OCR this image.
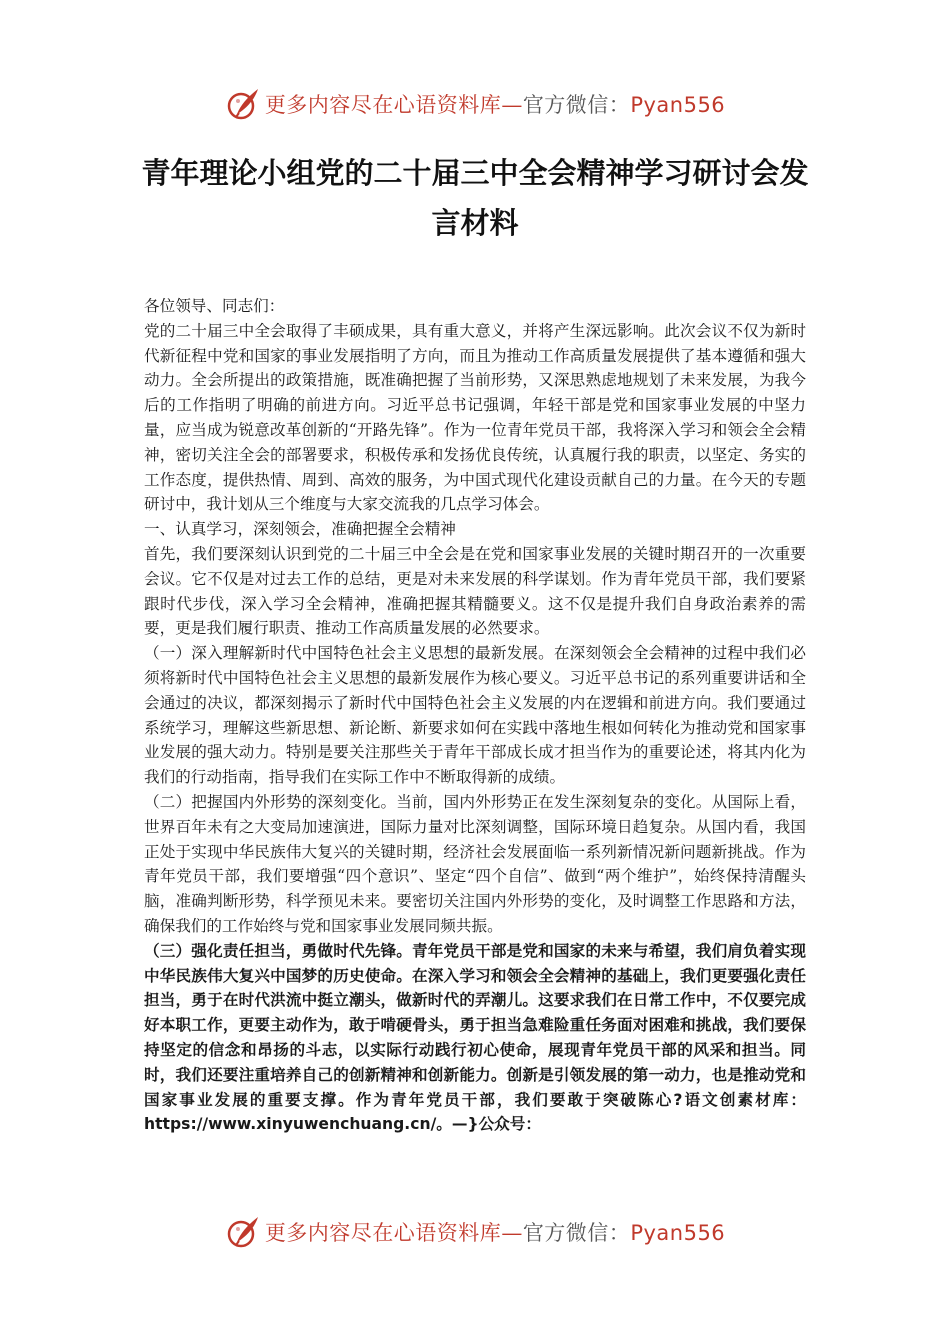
更多内容尽在心语资料库—官方微信：Pyan556
青年理论小组党的二十届三中全会精神学习研讨会发言材料

各位领导、同志们：

党的二十届三中全会取得了丰硕成果，具有重大意义，并将产生深远影响。此次会议不仅为新时代新征程中党和国家的事业发展指明了方向，而且为推动工作高质量发展提供了基本遵循和强大动力。全会所提出的政策措施，既准确把握了当前形势，又深思熟虑地规划了未来发展，为我今后的工作指明了明确的前进方向。习近平总书记强调，年轻干部是党和国家事业发展的中坚力量，应当成为锐意改革创新的“开路先锋”。作为一位青年党员干部，我将深入学习和领会全会精神，密切关注全会的部署要求，积极传承和发扬优良传统，认真履行我的职责，以坚定、务实的工作态度，提供热情、周到、高效的服务，为中国式现代化建设贡献自己的力量。在今天的专题研讨中，我计划从三个维度与大家交流我的几点学习体会。

一、认真学习，深刻领会，准确把握全会精神

首先，我们要深刻认识到党的二十届三中全会是在党和国家事业发展的关键时期召开的一次重要会议。它不仅是对过去工作的总结，更是对未来发展的科学谋划。作为青年党员干部，我们要紧跟时代步伐，深入学习全会精神，准确把握其精髓要义。这不仅是提升我们自身政治素养的需要，更是我们履行职责、推动工作高质量发展的必然要求。

（一）深入理解新时代中国特色社会主义思想的最新发展。在深刻领会全会精神的过程中我们必须将新时代中国特色社会主义思想的最新发展作为核心要义。习近平总书记的系列重要讲话和全会通过的决议，都深刻揭示了新时代中国特色社会主义发展的内在逻辑和前进方向。我们要通过系统学习，理解这些新思想、新论断、新要求如何在实践中落地生根如何转化为推动党和国家事业发展的强大动力。特别是要关注那些关于青年干部成长成才担当作为的重要论述，将其内化为我们的行动指南，指导我们在实际工作中不断取得新的成绩。

（二）把握国内外形势的深刻变化。当前，国内外形势正在发生深刻复杂的变化。从国际上看，世界百年未有之大变局加速演进，国际力量对比深刻调整，国际环境日趋复杂。从国内看，我国正处于实现中华民族伟大复兴的关键时期，经济社会发展面临一系列新情况新问题新挑战。作为青年党员干部，我们要增强“四个意识”、坚定“四个自信”、做到“两个维护”，始终保持清醒头脑，准确判断形势，科学预见未来。要密切关注国内外形势的变化，及时调整工作思路和方法，确保我们的工作始终与党和国家事业发展同频共振。

（三）强化责任担当，勇做时代先锋。青年党员干部是党和国家的未来与希望，我们肩负着实现中华民族伟大复兴中国梦的历史使命。在深入学习和领会全会精神的基础上，我们更要强化责任担当，勇于在时代洪流中挺立潮头，做新时代的弄潮儿。这要求我们在日常工作中，不仅要完成好本职工作，更要主动作为，敢于啃硬骨头，勇于担当急难险重任务面对困难和挑战，我们要保持坚定的信念和昂扬的斗志，以实际行动践行初心使命，展现青年党员干部的风采和担当。同时，我们还要注重培养自己的创新精神和创新能力。创新是引领发展的第一动力，也是推动党和国家事业发展的重要支撑。作为青年党员干部，我们要敢于突破陈心?语文创素材库：https://www.xinyuwenchuang.cn/。—}公众号：

更多内容尽在心语资料库—官方微信：Pyan556
